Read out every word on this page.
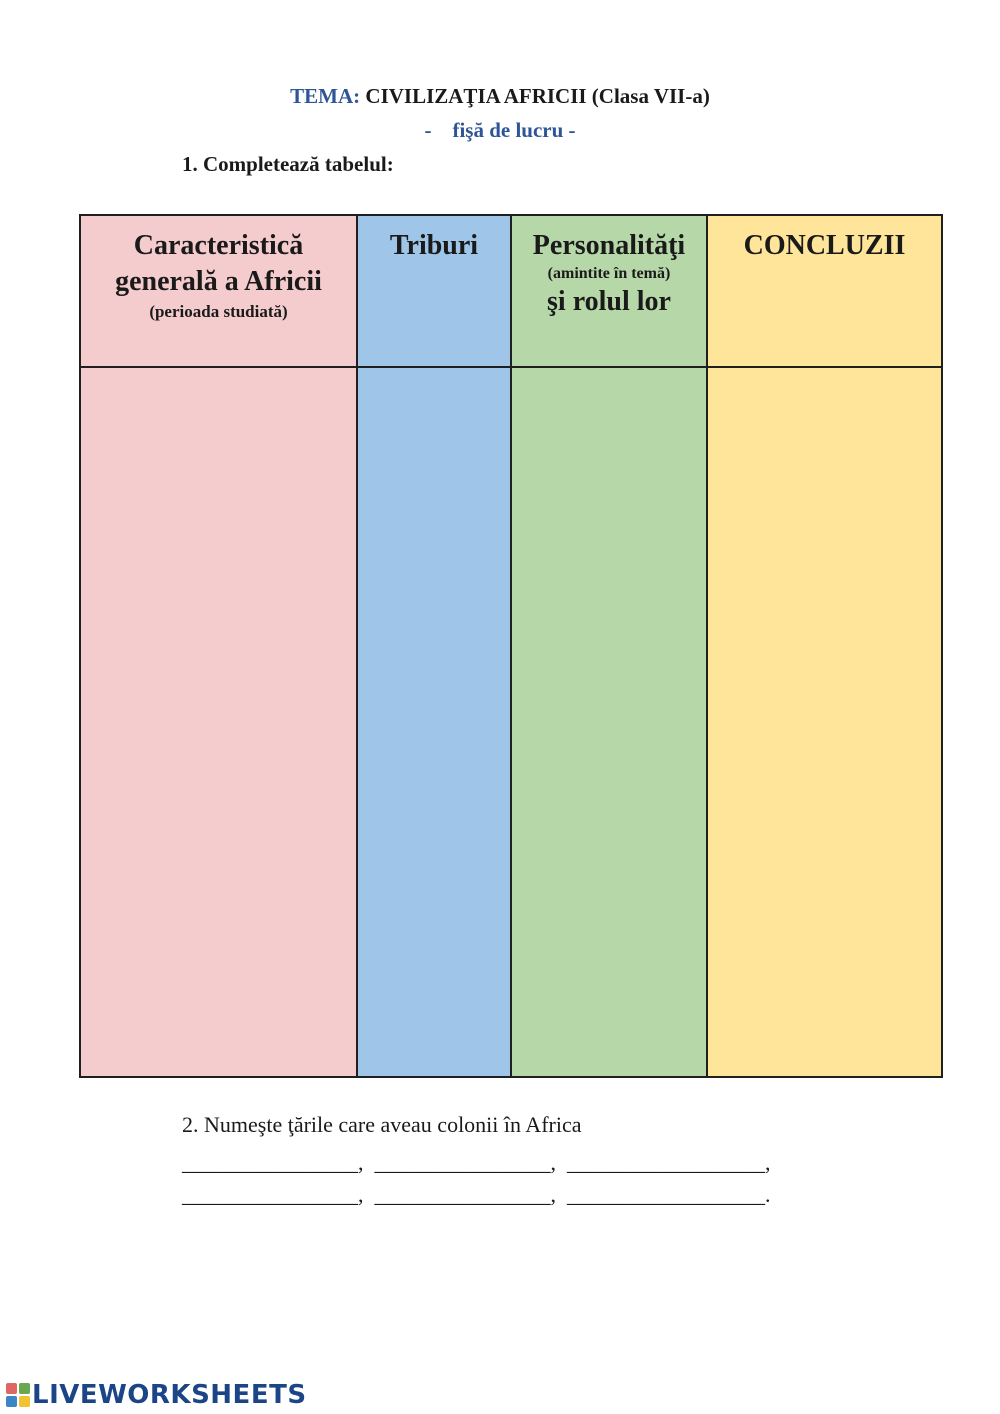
TEMA: CIVILIZAŢIA AFRICII (Clasa VII-a)
-    fişă de lucru -
1. Completează tabelul:
Caracteristică
generală a Africii
(perioada studiată)
Triburi	Personalităţi
(amintite în temă)
şi rolul lor
CONCLUZII
2. Numeşte ţările care aveau colonii în Africa
________________,  ________________,  __________________,
________________,  ________________,  __________________.
LIVEWORKSHEETS
